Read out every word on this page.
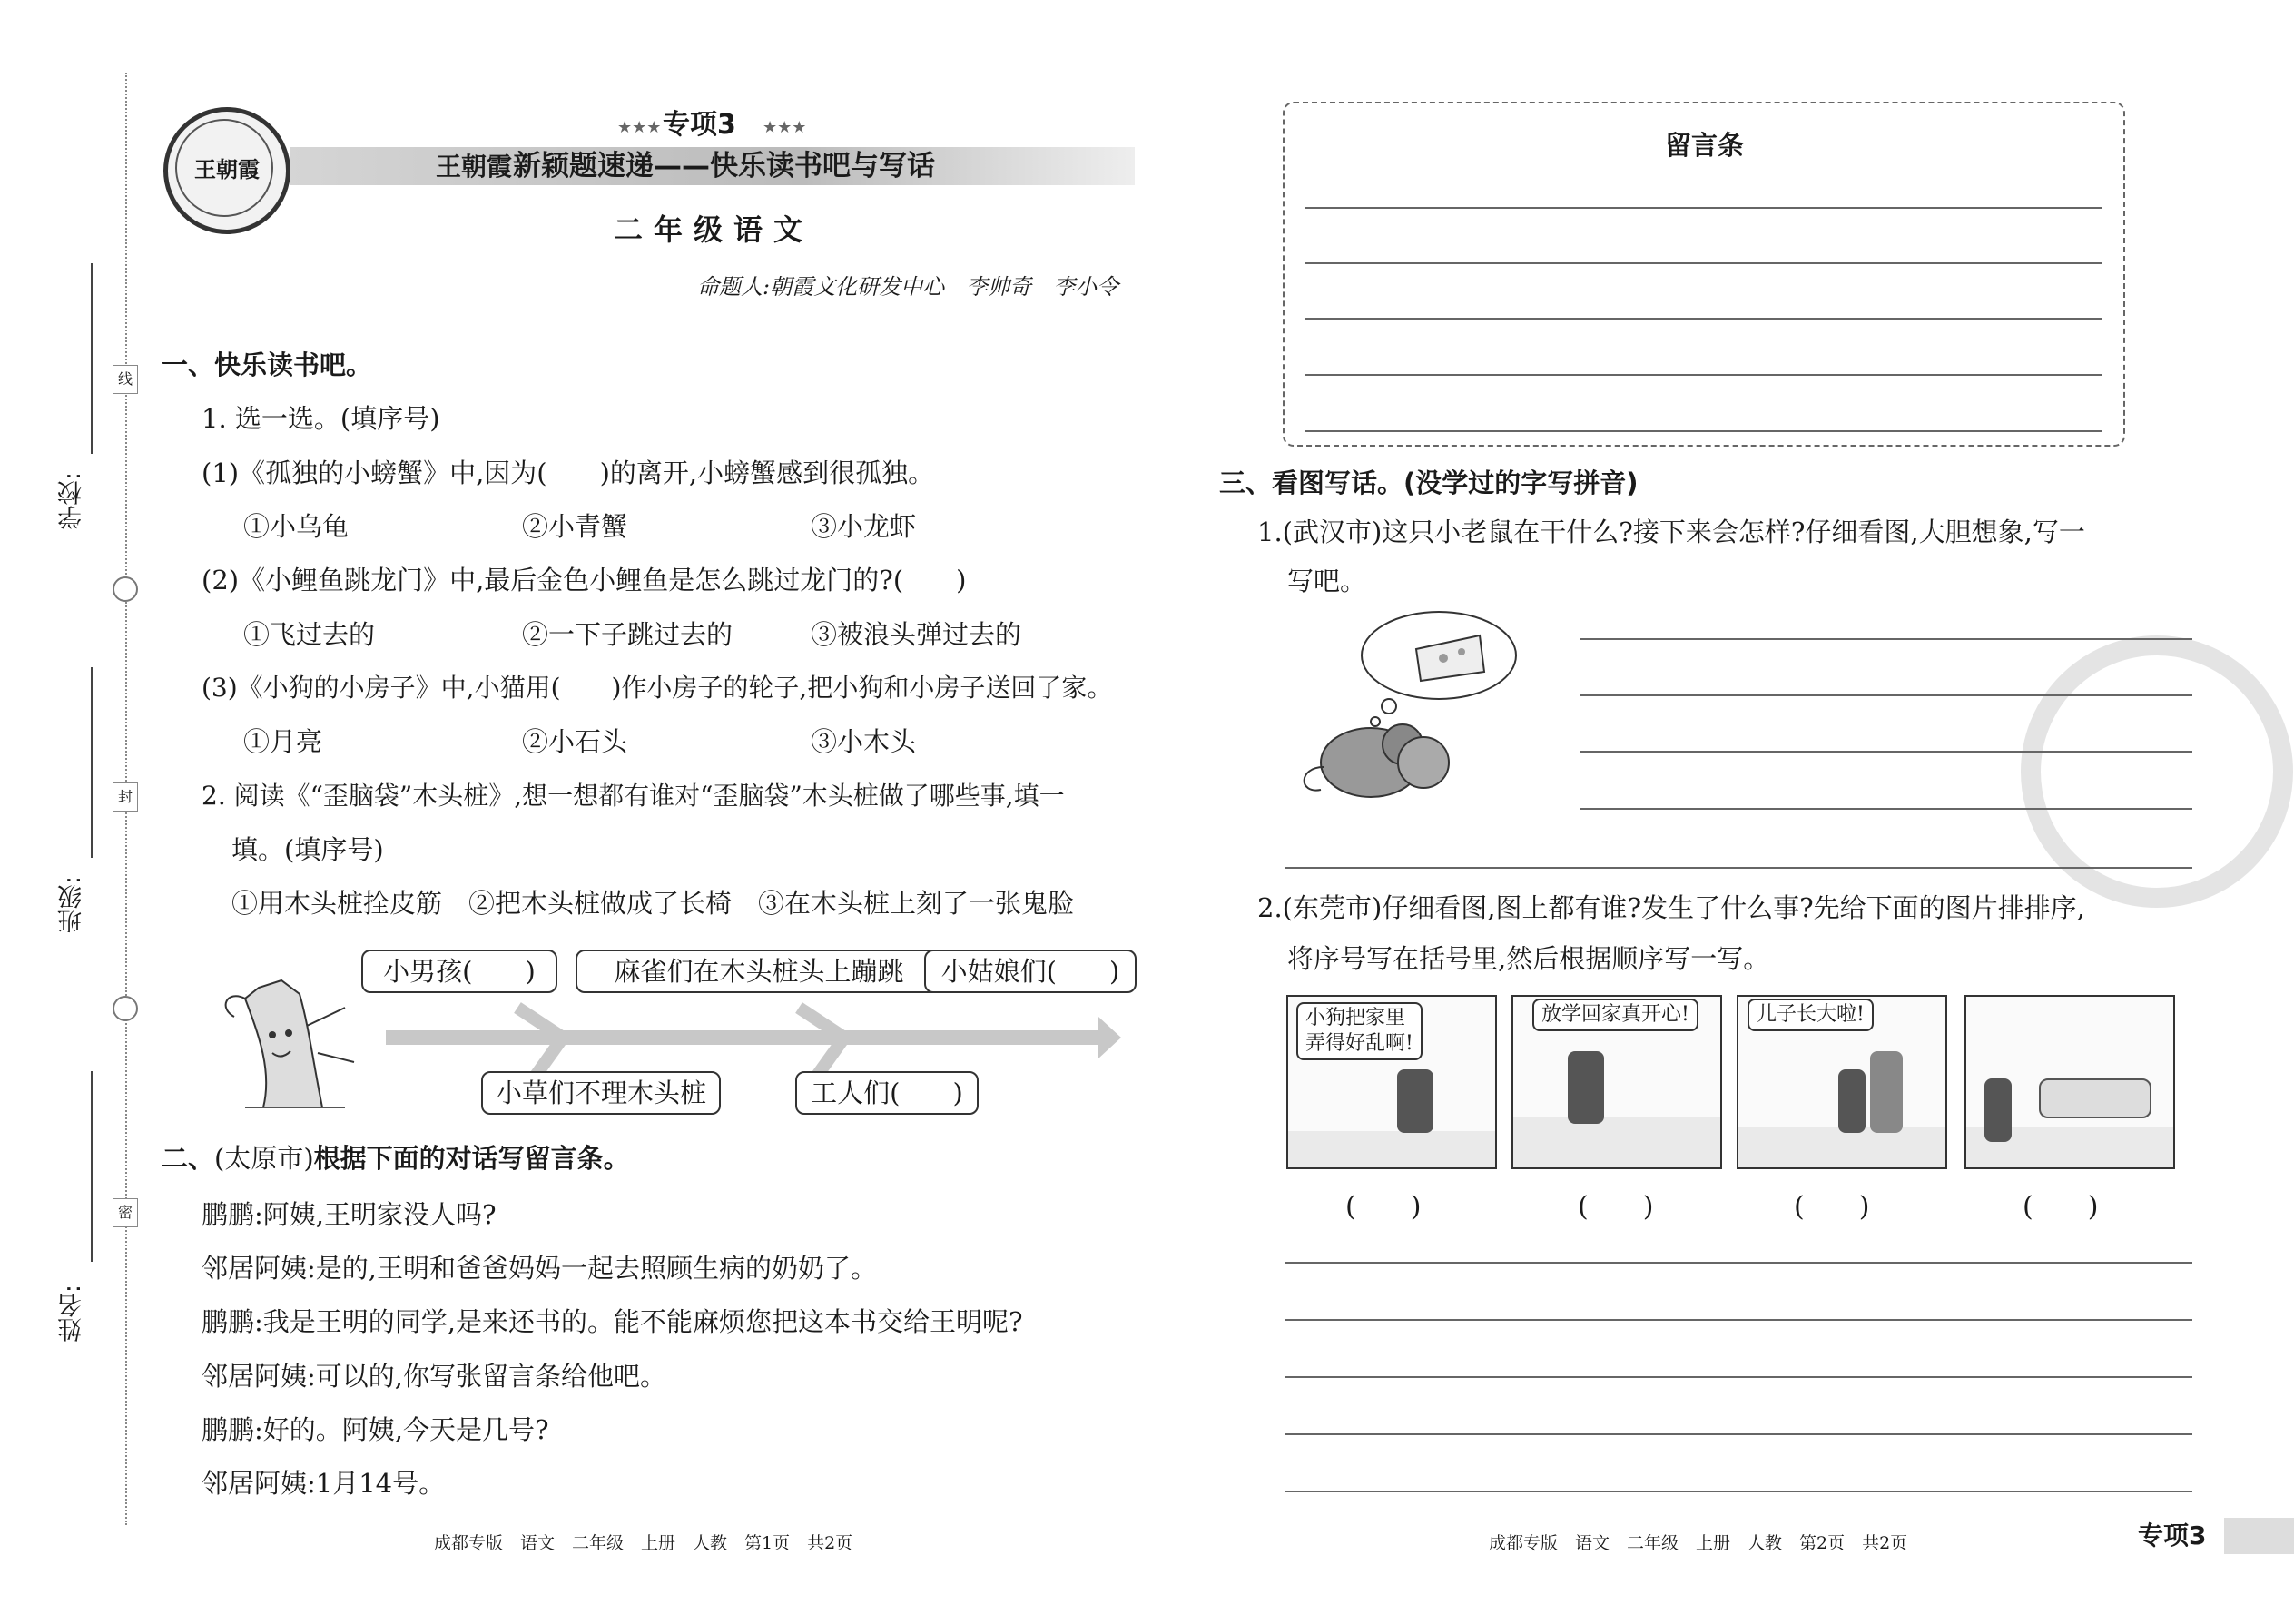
学校:
班级:
姓名:
线
封
密
王朝霞
专项3
★★★	★★★
王朝霞 新颖题速递——快乐读书吧与写话
二年级语文
命题人:朝霞文化研发中心　李帅奇　李小令
一、快乐读书吧。
1. 选一选。(填序号)
(1)《孤独的小螃蟹》中,因为(　　)的离开,小螃蟹感到很孤独。
①小乌龟	②小青蟹	③小龙虾
(2)《小鲤鱼跳龙门》中,最后金色小鲤鱼是怎么跳过龙门的?(　　)
①飞过去的	②一下子跳过去的	③被浪头弹过去的
(3)《小狗的小房子》中,小猫用(　　)作小房子的轮子,把小狗和小房子送回了家。
①月亮	②小石头	③小木头
2. 阅读《“歪脑袋”木头桩》,想一想都有谁对“歪脑袋”木头桩做了哪些事,填一
填。(填序号)
①用木头桩拴皮筋　②把木头桩做成了长椅　③在木头桩上刻了一张鬼脸
小男孩(　　)	麻雀们在木头桩头上蹦跳	小姑娘们(　　)
小草们不理木头桩	工人们(　　)
二、(太原市)根据下面的对话写留言条。
鹏鹏:阿姨,王明家没人吗?
邻居阿姨:是的,王明和爸爸妈妈一起去照顾生病的奶奶了。
鹏鹏:我是王明的同学,是来还书的。能不能麻烦您把这本书交给王明呢?
邻居阿姨:可以的,你写张留言条给他吧。
鹏鹏:好的。阿姨,今天是几号?
邻居阿姨:1月14号。
成都专版　语文　二年级　上册　人教　第1页　共2页
留言条
三、看图写话。(没学过的字写拼音)
1.(武汉市)这只小老鼠在干什么?接下来会怎样?仔细看图,大胆想象,写一
写吧。
2.(东莞市)仔细看图,图上都有谁?发生了什么事?先给下面的图片排排序,
将序号写在括号里,然后根据顺序写一写。
小狗把家里
弄得好乱啊!
放学回家真开心!	儿子长大啦!
(　　)	(　　)	(　　)	(　　)
成都专版　语文　二年级　上册　人教　第2页　共2页	专项3
